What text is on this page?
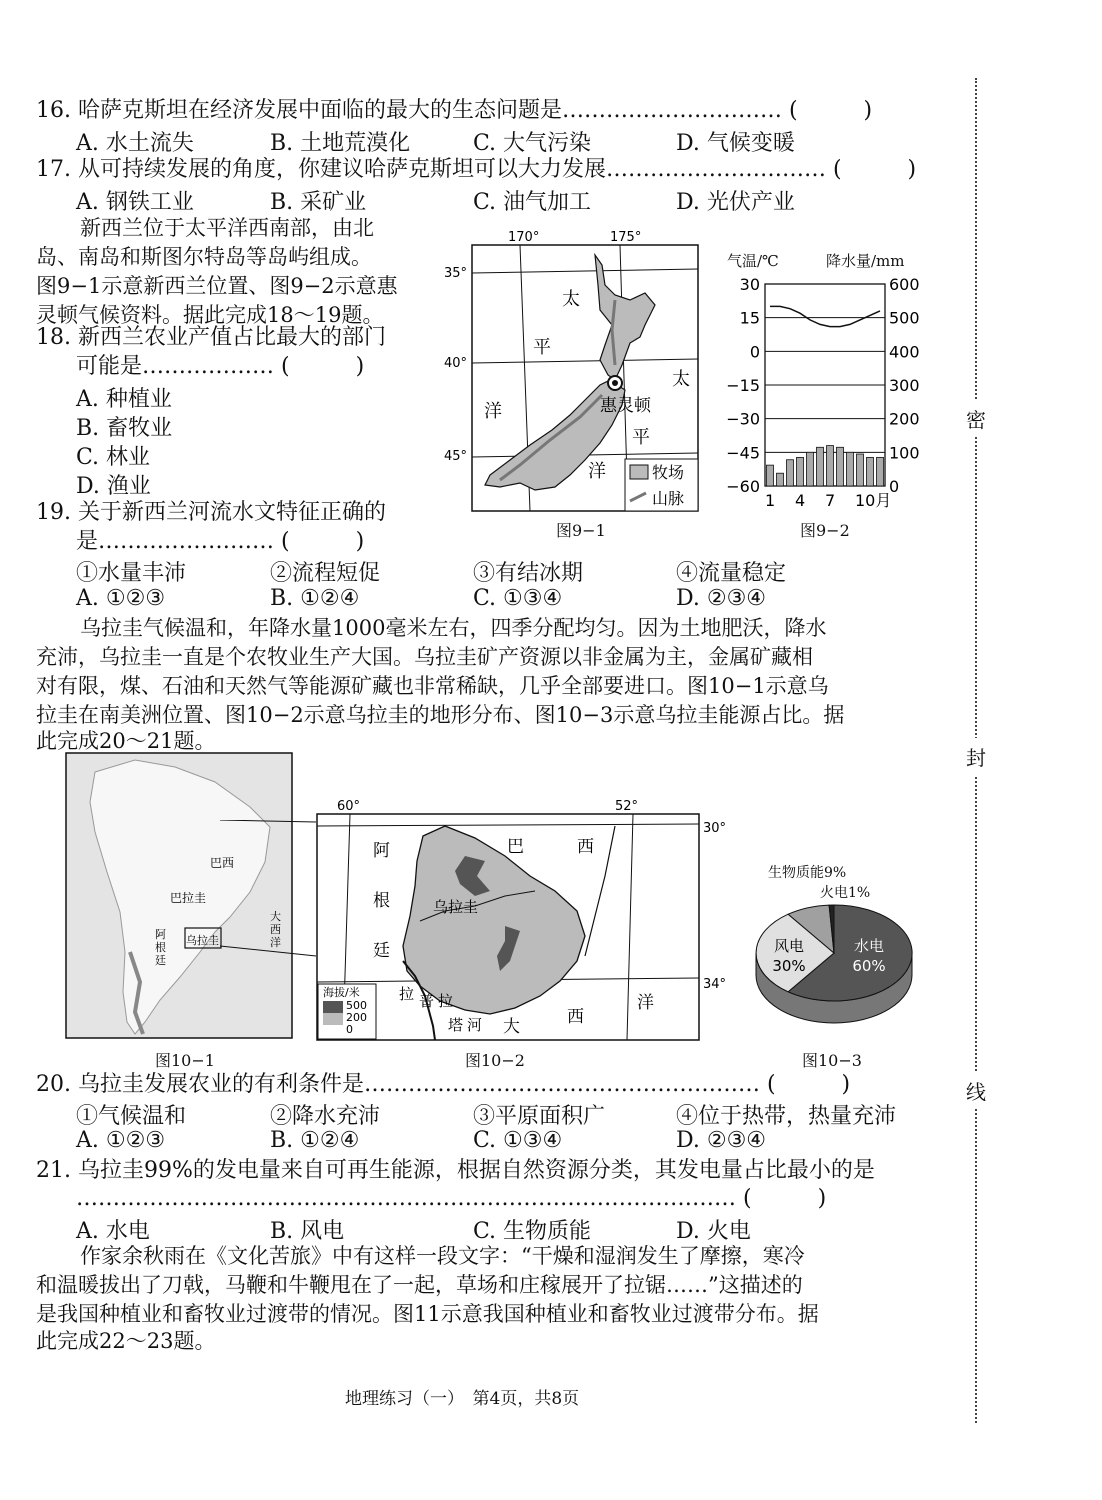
密
封
线
16. 哈萨克斯坦在经济发展中面临的最大的生态问题是………………………… (　　　)
A. 水土流失	B. 土地荒漠化	C. 大气污染	D. 气候变暖
17. 从可持续发展的角度，你建议哈萨克斯坦可以大力发展………………………… (　　　)
A. 钢铁工业	B. 采矿业	C. 油气加工	D. 光伏产业
新西兰位于太平洋西南部，由北
岛、南岛和斯图尔特岛等岛屿组成。
图9−1示意新西兰位置、图9−2示意惠
灵顿气候资料。据此完成18～19题。
18. 新西兰农业产值占比最大的部门
可能是……………… (　　　)
A. 种植业
B. 畜牧业
C. 林业
D. 渔业
19. 关于新西兰河流水文特征正确的
是…………………… (　　　)
①水量丰沛	②流程短促	③有结冰期	④流量稳定
A. ①②③	B. ①②④	C. ①③④	D. ②③④
170°	175°
35°
40°
45°
惠灵顿
太
平
洋
太
平
洋	牧场
山脉
图9−1
气温/℃	降水量/mm
30	600
15	500
0	400
−15	300
−30	200
−45	100
−60	0
1 4 7 10月
图9−2
乌拉圭气候温和，年降水量1000毫米左右，四季分配均匀。因为土地肥沃，降水
充沛，乌拉圭一直是个农牧业生产大国。乌拉圭矿产资源以非金属为主，金属矿藏相
对有限，煤、石油和天然气等能源矿藏也非常稀缺，几乎全部要进口。图10−1示意乌
拉圭在南美洲位置、图10−2示意乌拉圭的地形分布、图10−3示意乌拉圭能源占比。据
此完成20～21题。
巴西
巴拉圭
阿根廷
乌拉圭
大西洋
图10−1
60°	52°
30°
34°
巴	西
阿
根
廷
乌拉圭
拉 普 拉
塔 河 大	西
洋
海拔/米
500
200
0
图10−2
生物质能9%
火电1%
水电
60%
风电
30%
图10−3
20. 乌拉圭发展农业的有利条件是……………………………………………… (　　　)
①气候温和	②降水充沛	③平原面积广	④位于热带，热量充沛
A. ①②③	B. ①②④	C. ①③④	D. ②③④
21. 乌拉圭99%的发电量来自可再生能源，根据自然资源分类，其发电量占比最小的是
……………………………………………………………………………… (　　　)
A. 水电	B. 风电	C. 生物质能	D. 火电
作家余秋雨在《文化苦旅》中有这样一段文字：“干燥和湿润发生了摩擦，寒冷
和温暖拔出了刀戟，马鞭和牛鞭甩在了一起，草场和庄稼展开了拉锯……”这描述的
是我国种植业和畜牧业过渡带的情况。图11示意我国种植业和畜牧业过渡带分布。据
此完成22～23题。
地理练习（一）　第4页，共8页
